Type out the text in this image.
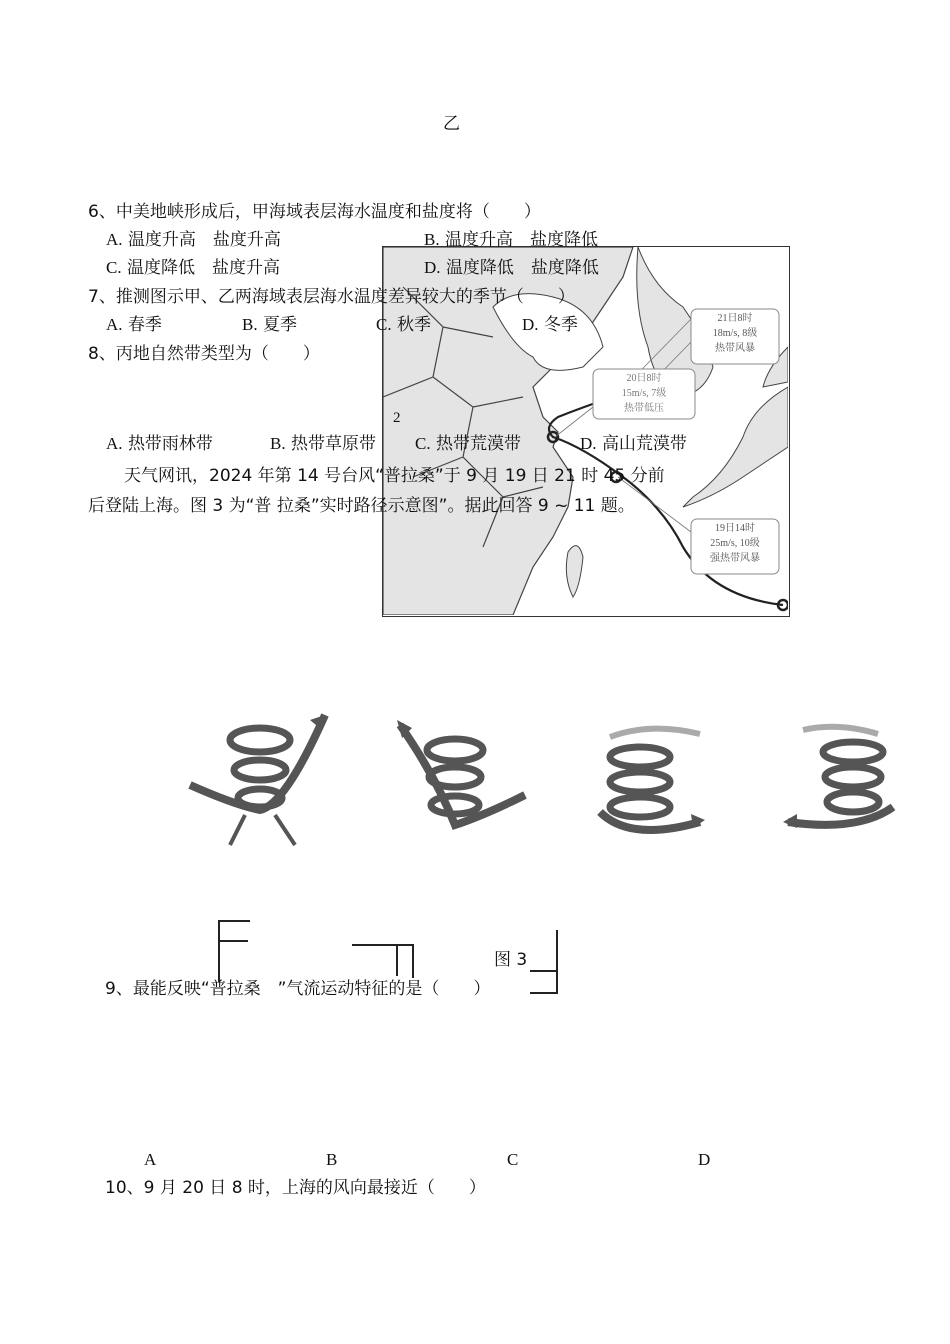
乙
6、中美地峡形成后，甲海域表层海水温度和盐度将（　　）
A. 温度升高　盐度升高	B. 温度升高　盐度降低
C. 温度降低　盐度升高	D. 温度降低　盐度降低
7、推测图示甲、乙两海域表层海水温度差异较大的季节（　　）
A. 春季	B. 夏季	C. 秋季	D. 冬季
8、丙地自然带类型为（　　）
2
A. 热带雨林带	B. 热带草原带 C. 热带荒漠带	D. 高山荒漠带
天气网讯，2024 年第 14 号台风“普拉桑”于 9 月 19 日 21 时 45 分前
后登陆上海。图 3 为“普 拉桑”实时路径示意图”。据此回答 9 ~ 11 题。
21日8时
18m/s, 8级
热带风暴
20日8时
15m/s, 7级
热带低压
19日14时
25m/s, 10级
强热带风暴
图 3
9、最能反映“普拉桑　”气流运动特征的是（　　）
A	B	C	D
10、9 月 20 日 8 时，上海的风向最接近（　　）
